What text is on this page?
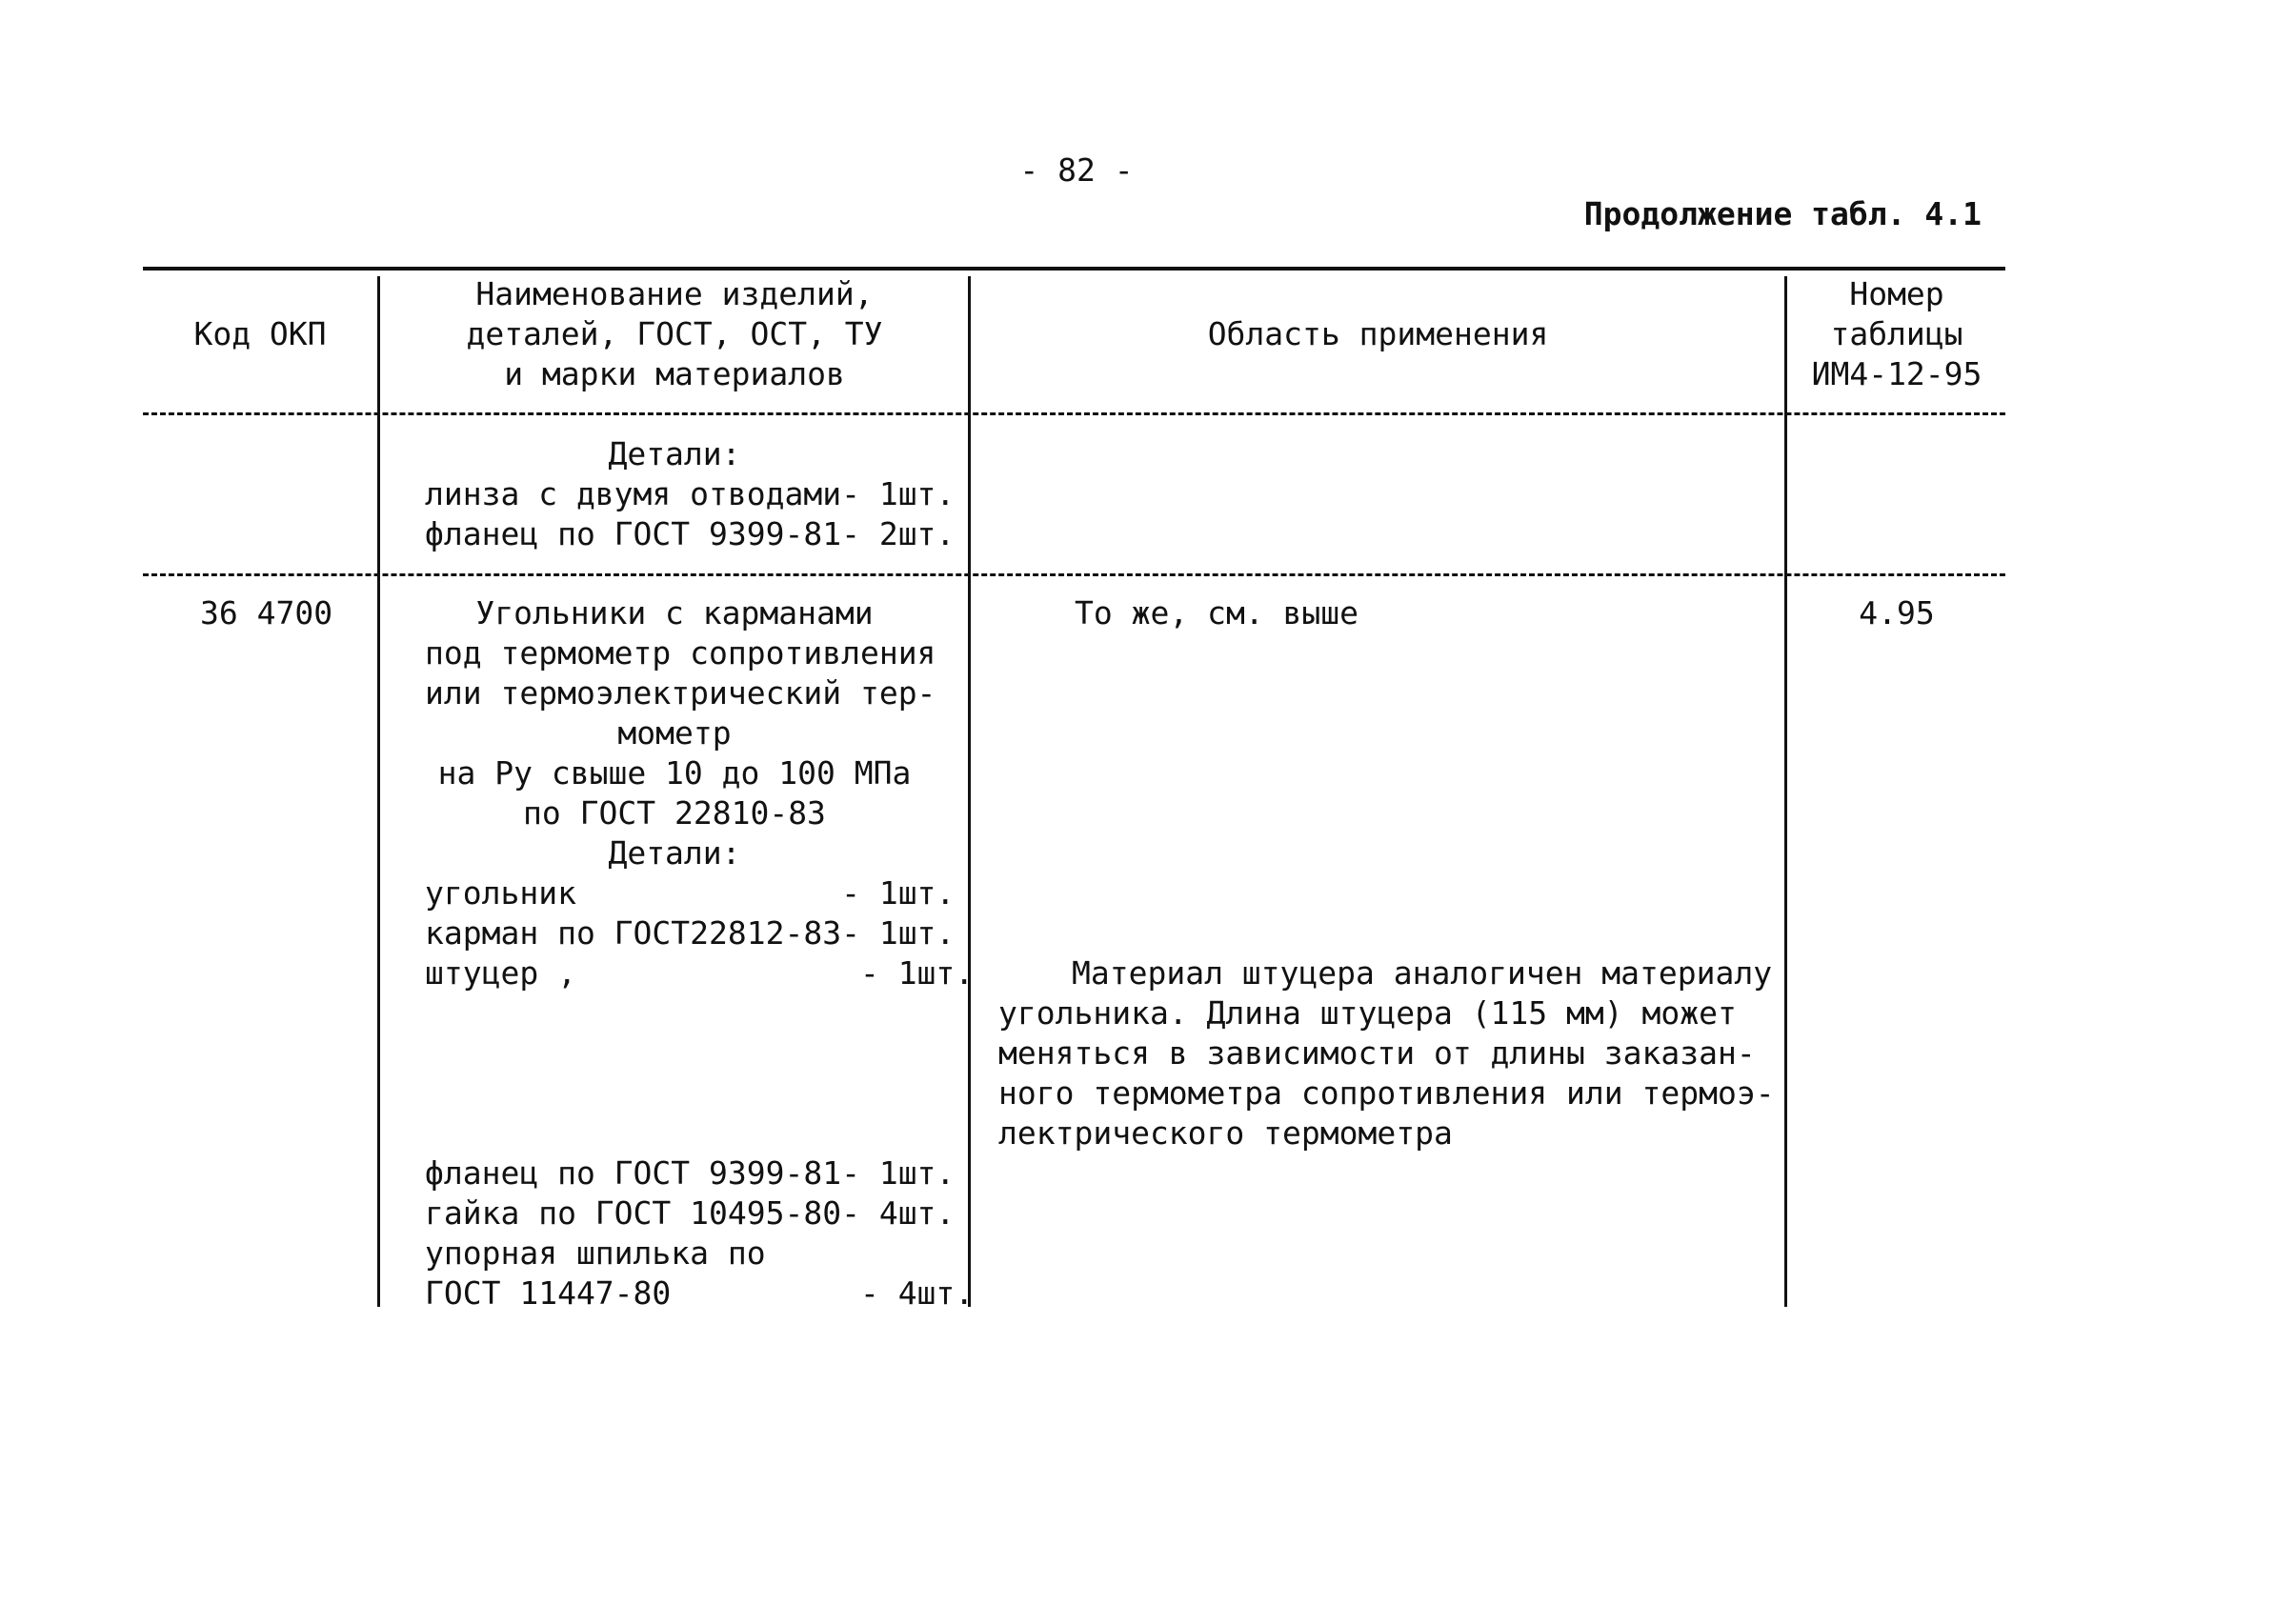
- 82 -
Продолжение табл. 4.1
Код ОКП
Наименование изделий,
деталей, ГОСТ, ОСТ, ТУ
и марки материалов
Область применения
Номер
таблицы
ИМ4-12-95
Детали:
линза с двумя отводами- 1шт.
фланец по ГОСТ 9399-81- 2шт.
36 4700	Угольники с карманами
под термометр сопротивления
или термоэлектрический тер-
мометр
на Ру свыше 10 до 100 МПа
по ГОСТ 22810-83
Детали:
угольник              - 1шт.
карман по ГОСТ22812-83- 1шт.
штуцер ,               - 1шт.
фланец по ГОСТ 9399-81- 1шт.
гайка по ГОСТ 10495-80- 4шт.
упорная шпилька по
ГОСТ 11447-80          - 4шт.
То же, см. выше
Материал штуцера аналогичен материалу
угольника. Длина штуцера (115 мм) может
меняться в зависимости от длины заказан-
ного термометра сопротивления или термоэ-
лектрического термометра
4.95
